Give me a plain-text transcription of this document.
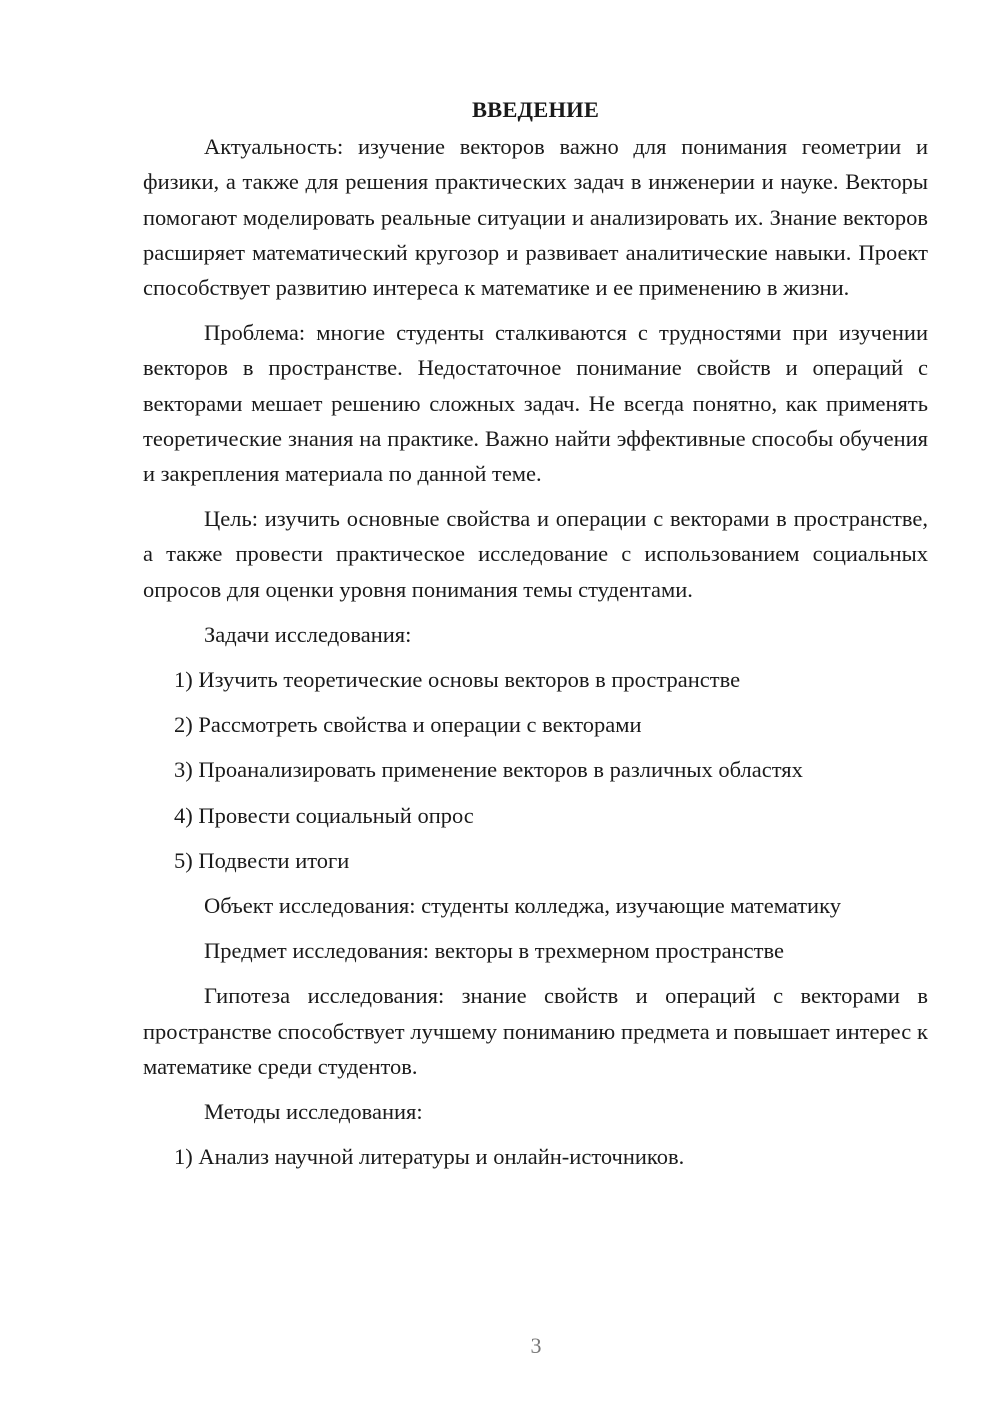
ВВЕДЕНИЕ

Актуальность: изучение векторов важно для понимания геометрии и физики, а также для решения практических задач в инженерии и науке. Векторы помогают моделировать реальные ситуации и анализировать их. Знание векторов расширяет математический кругозор и развивает аналитические навыки. Проект способствует развитию интереса к математике и ее применению в жизни.

Проблема: многие студенты сталкиваются с трудностями при изучении векторов в пространстве. Недостаточное понимание свойств и операций с векторами мешает решению сложных задач. Не всегда понятно, как применять теоретические знания на практике. Важно найти эффективные способы обучения и закрепления материала по данной теме.

Цель: изучить основные свойства и операции с векторами в пространстве, а также провести практическое исследование с использованием социальных опросов для оценки уровня понимания темы студентами.

Задачи исследования:
1) Изучить теоретические основы векторов в пространстве
2) Рассмотреть свойства и операции с векторами
3) Проанализировать применение векторов в различных областях
4) Провести социальный опрос
5) Подвести итоги
Объект исследования: студенты колледжа, изучающие математику
Предмет исследования: векторы в трехмерном пространстве

Гипотеза исследования: знание свойств и операций с векторами в пространстве способствует лучшему пониманию предмета и повышает интерес к математике среди студентов.

Методы исследования:
1) Анализ научной литературы и онлайн-источников.
3
